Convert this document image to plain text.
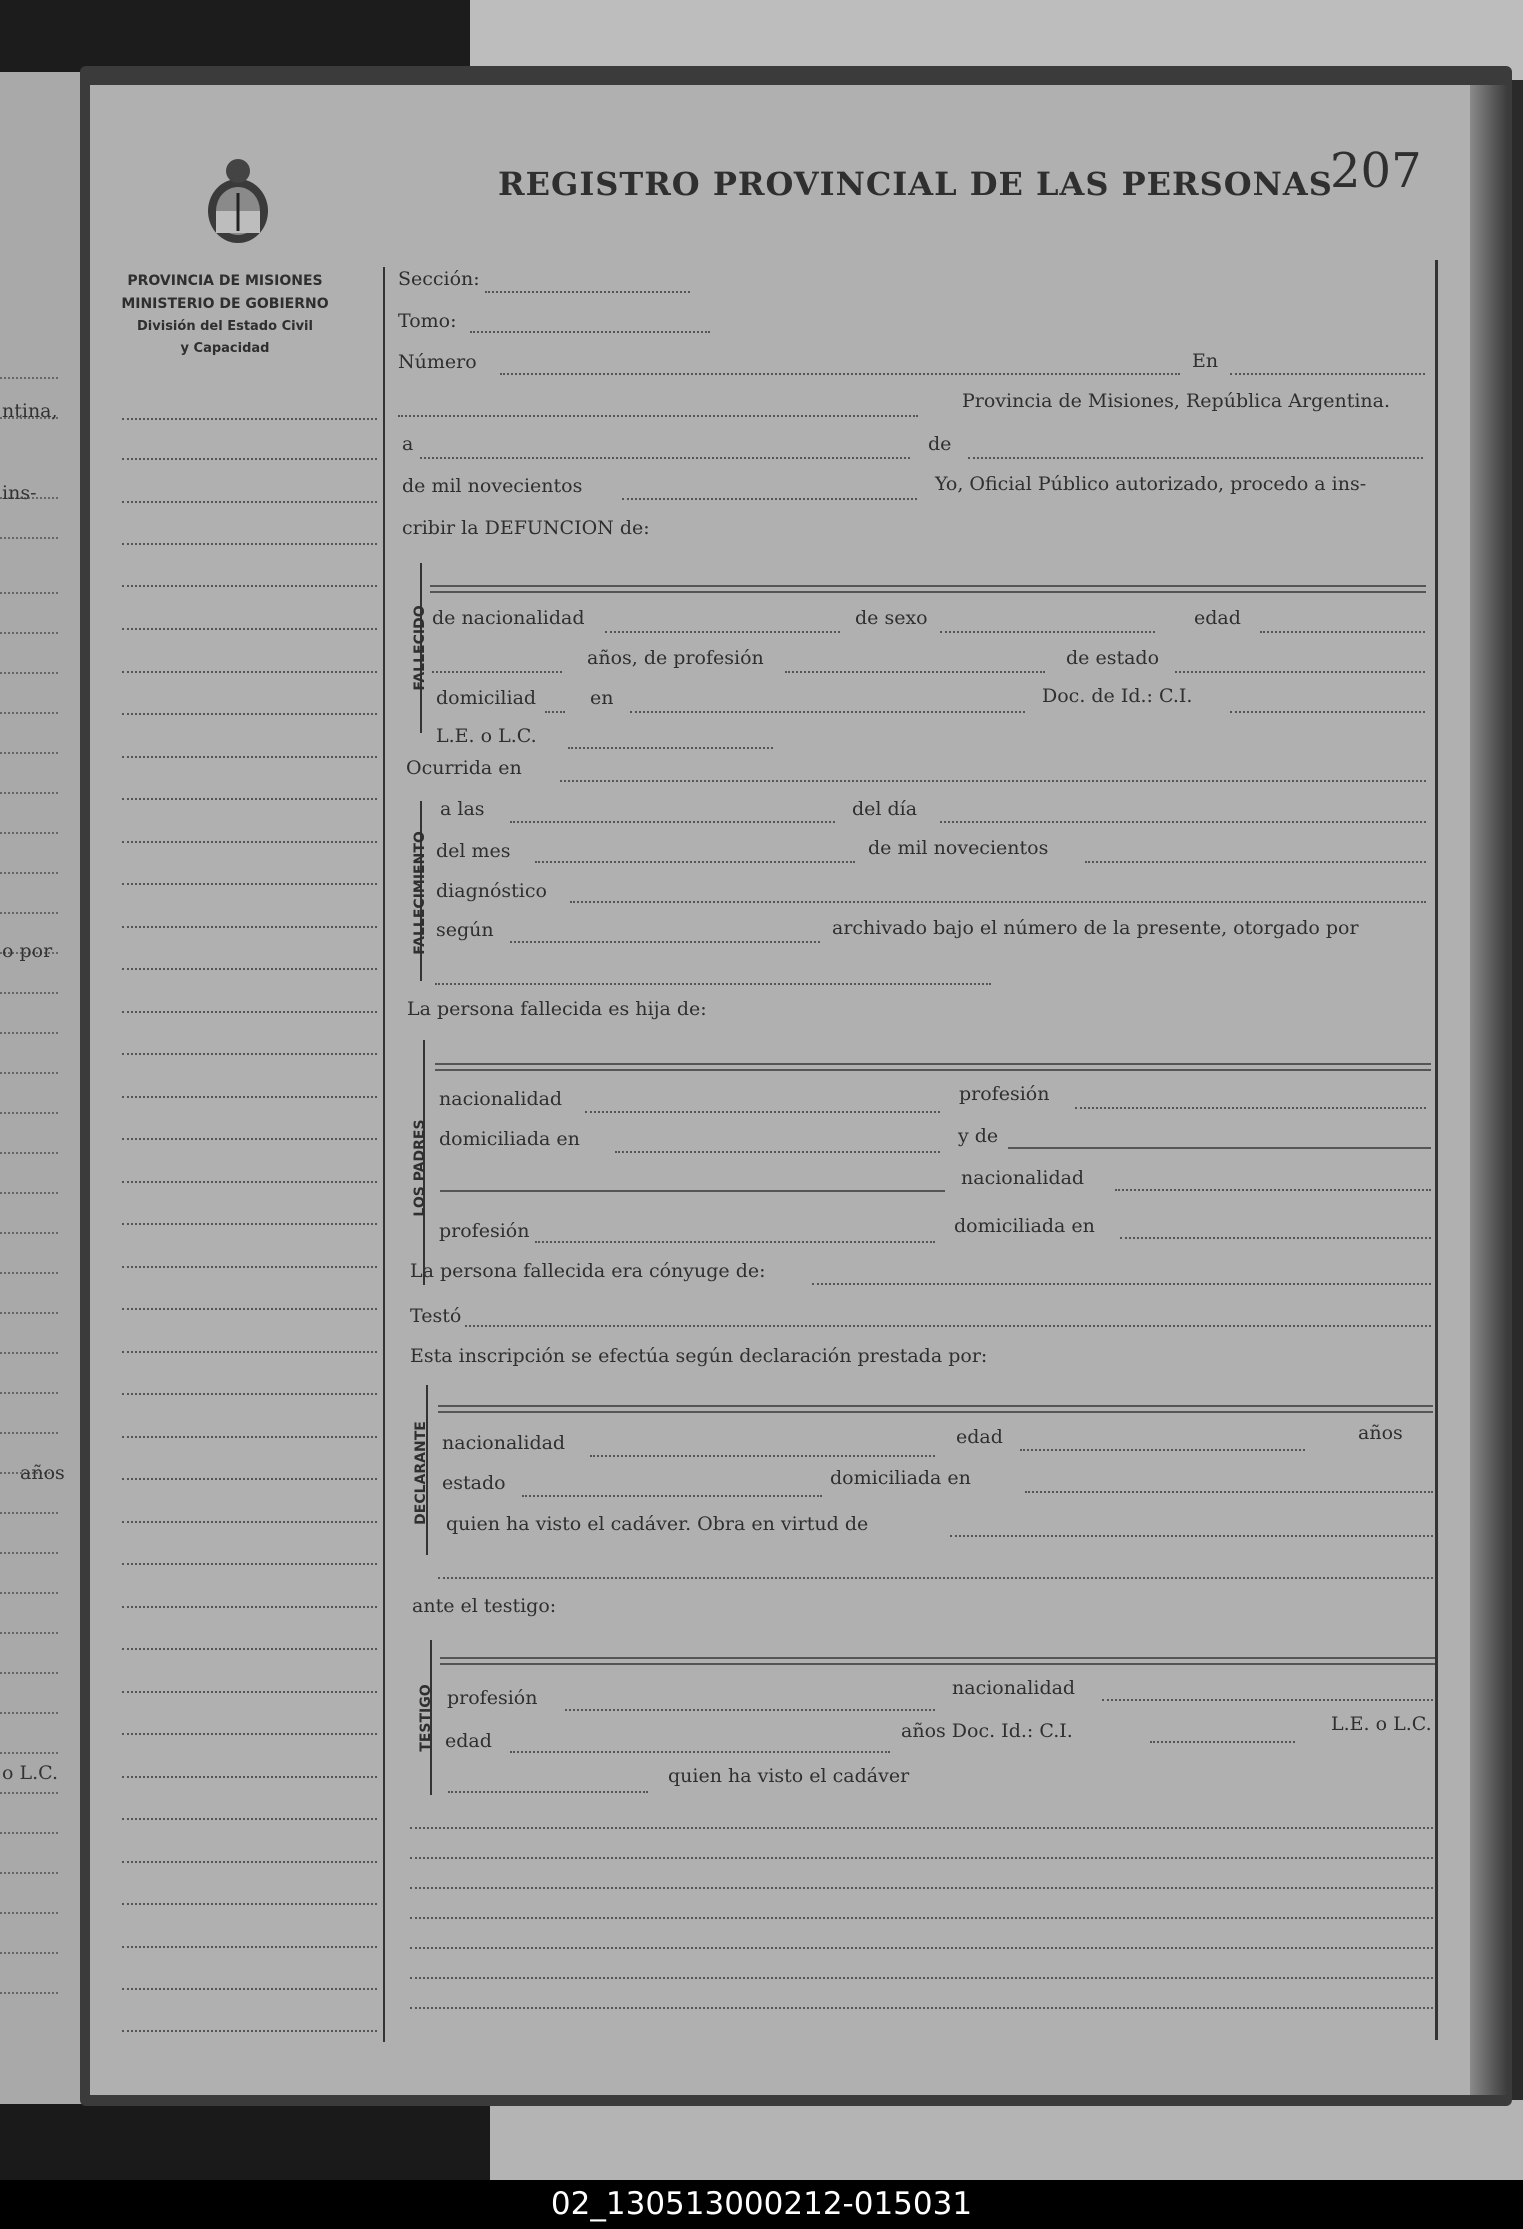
ntina,
ins-
o por
años
o L.C.
PROVINCIA DE MISIONES
MINISTERIO DE GOBIERNO
División del Estado Civil
y Capacidad
REGISTRO PROVINCIAL DE LAS PERSONAS
207
Sección:
Tomo:
Número	En
Provincia de Misiones, República Argentina.
a	de
de mil novecientos	Yo, Oficial Público autorizado, procedo a ins-
cribir la DEFUNCION de:
FALLECIDO de nacionalidad	de sexo	edad
años, de profesión	de estado
domiciliad	en	Doc. de Id.: C.I.
L.E. o L.C.
Ocurrida en
FALLECIMIENTO
a las	del día
del mes	de mil novecientos
diagnóstico
según	archivado bajo el número de la presente, otorgado por
La persona fallecida es hija de:
LOS PADRES
nacionalidad	profesión
domiciliada en	y de
nacionalidad
profesión	domiciliada en
La persona fallecida era cónyuge de:
Testó
Esta inscripción se efectúa según declaración prestada por:
DECLARANTE nacionalidad	edad	años
estado	domiciliada en
quien ha visto el cadáver. Obra en virtud de
ante el testigo:
TESTIGO profesión	nacionalidad
edad	años Doc. Id.: C.I.	L.E. o L.C.
quien ha visto el cadáver
02_130513000212-015031
